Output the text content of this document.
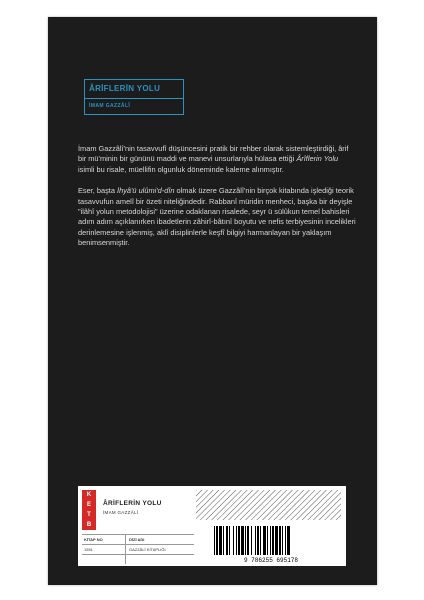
ÂRİFLERİN YOLU
İMAM GAZZÂLÎ

İmam Gazzâlî'nin tasavvufî düşüncesini pratik bir rehber olarak sistemleştirdiği, ârif bir mü'minin bir gününü maddi ve manevi unsurlarıyla hülasa ettiği Ârîflerin Yolu isimli bu risale, müellifin olgunluk döneminde kaleme alınmıştır.

Eser, başta İhyâ'ü ulûmi'd-dîn olmak üzere Gazzâlî'nin birçok kitabında işlediği teorik tasavvufun amelî bir özeti niteliğindedir. Rabbanî müridin menheci, başka bir deyişle "ilâhî yolun metodolojisi" üzerine odaklanan risalede, seyr ü sülûkun temel bahisleri adım adım açıklanırken ibadetlerin zâhirî-bâtınî boyutu ve nefis terbiyesinin incelikleri derinlemesine işlenmiş, aklî disiplinlerle keşfî bilgiyi harmanlayan bir yaklaşım benimsenmiştir.

K
E
T
B
ÂRİFLERİN YOLU
İMAM GAZZÂLÎ
9 786255 695178
KİTAP NO	DİZİ ADI
1551	GAZZÂLÎ KİTAPLIĞI
